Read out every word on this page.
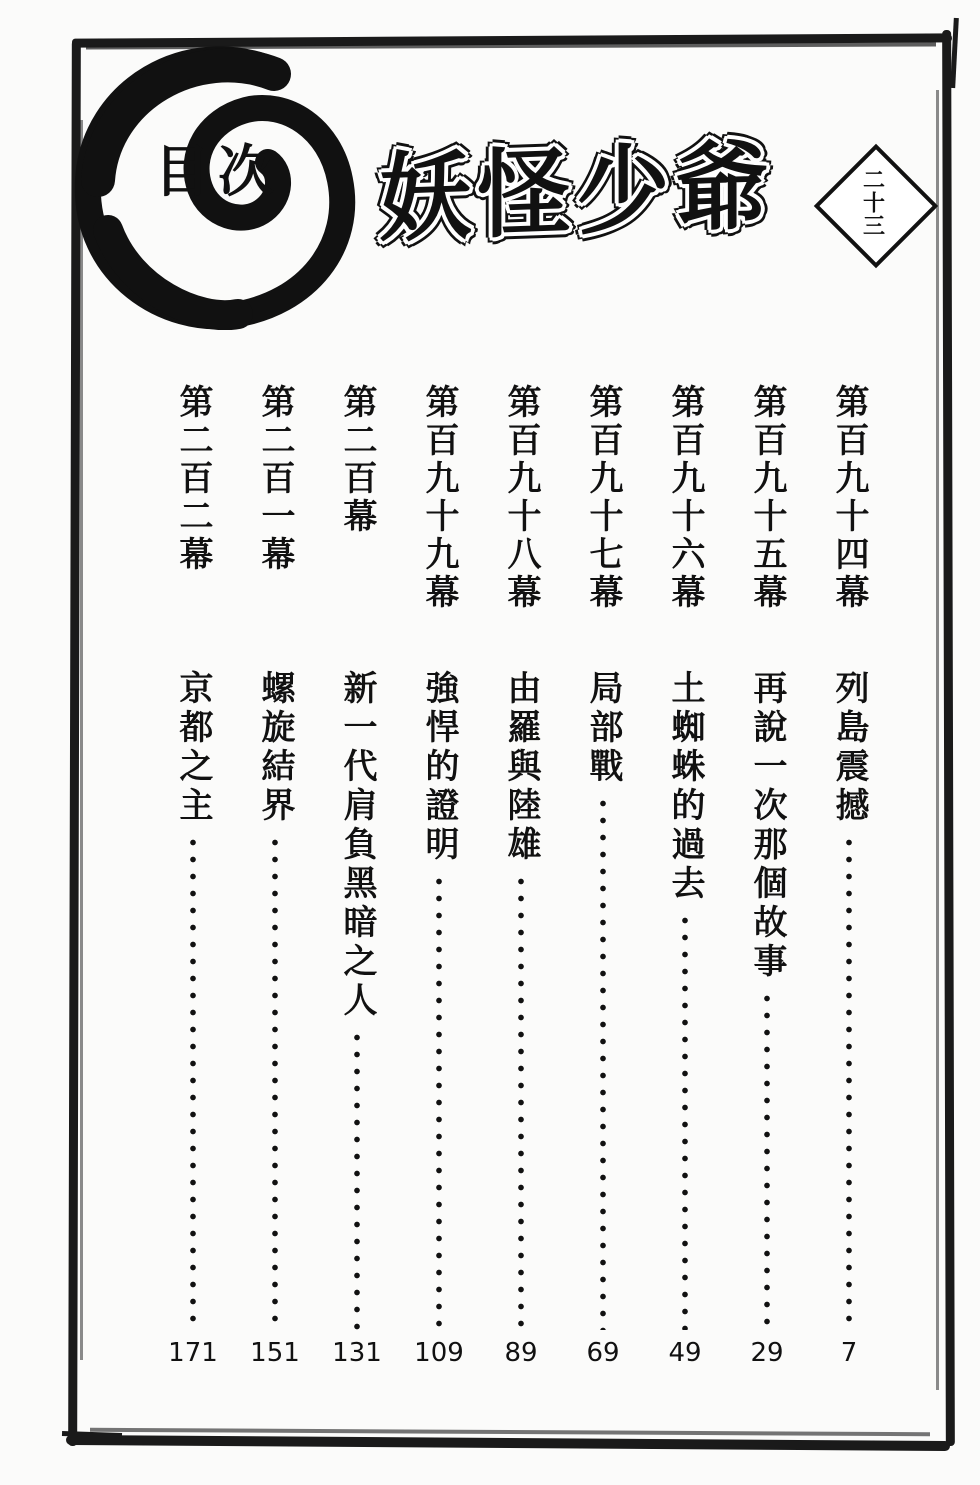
目次 妖怪少爺	二十三
第百九十四幕
列島震撼
7
第百九十五幕
再說一次那個故事
29
第百九十六幕
土蜘蛛的過去
49
第百九十七幕
局部戰
69
第百九十八幕
由羅與陸雄
89
第百九十九幕
強悍的證明
109
第二百幕
新一代肩負黑暗之人
131
第二百一幕
螺旋結界
151
第二百二幕
京都之主
171
